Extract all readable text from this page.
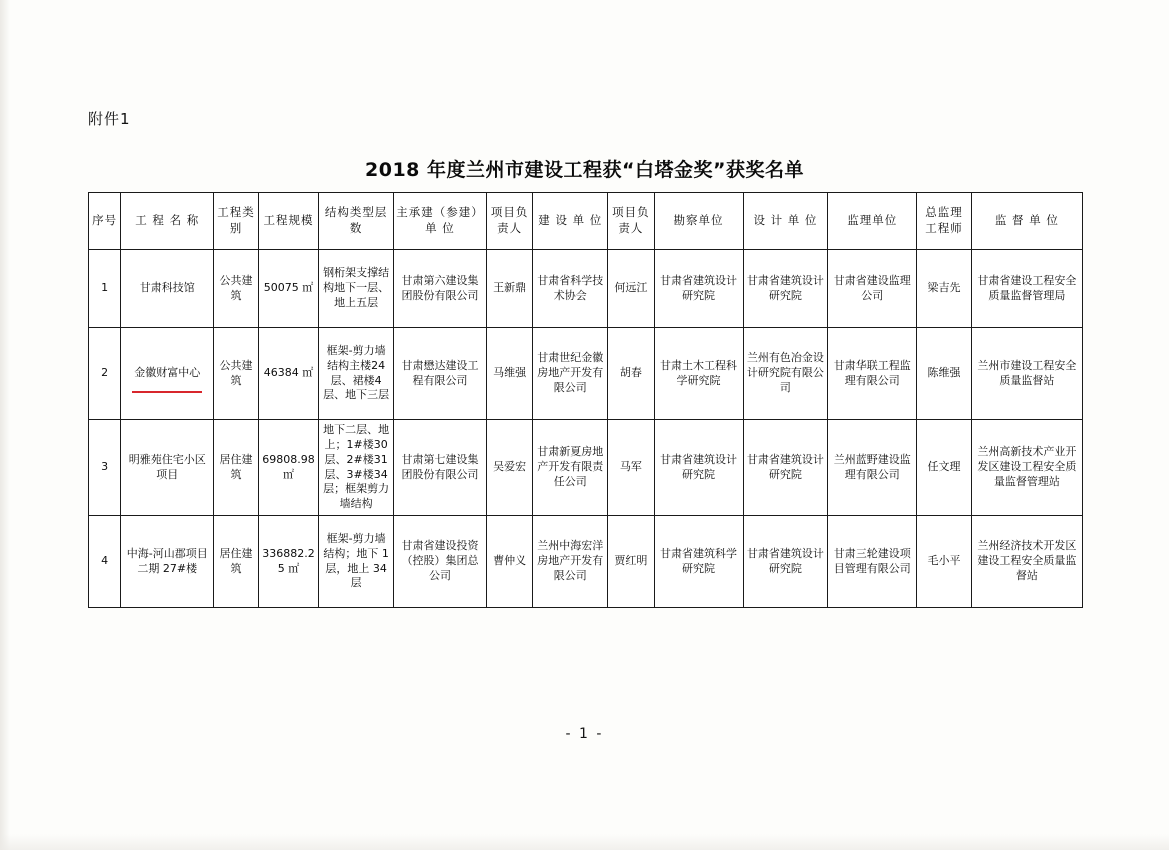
附件1
2018 年度兰州市建设工程获“白塔金奖”获奖名单
序号	工 程 名 称	工程类别	工程规模	结构类型层 数	主承建（参建）单 位	项目负责人	建 设 单 位	项目负责人	勘察单位	设 计 单 位	监理单位	总监理工程师	监 督 单 位
1	甘肃科技馆	公共建筑	50075 ㎡	钢桁架支撑结构地下一层、地上五层	甘肃第六建设集团股份有限公司	王新鼎	甘肃省科学技术协会	何远江	甘肃省建筑设计研究院	甘肃省建筑设计研究院	甘肃省建设监理公司	梁吉先	甘肃省建设工程安全质量监督管理局
2	金徽财富中心	公共建筑	46384 ㎡	框架-剪力墙结构主楼24 层、裙楼4 层、地下三层	甘肃懋达建设工程有限公司	马维强	甘肃世纪金徽房地产开发有限公司	胡春	甘肃土木工程科学研究院	兰州有色冶金设计研究院有限公司	甘肃华联工程监理有限公司	陈维强	兰州市建设工程安全质量监督站
3	明雅苑住宅小区项目	居住建筑	69808.98 ㎡	地下二层、地上；1#楼30 层、2#楼31 层、3#楼34 层；框架剪力墙结构	甘肃第七建设集团股份有限公司	吴爱宏	甘肃新夏房地产开发有限责任公司	马军	甘肃省建筑设计研究院	甘肃省建筑设计研究院	兰州蓝野建设监理有限公司	任文理	兰州高新技术产业开发区建设工程安全质量监督管理站
4	中海-河山郡项目二期 27#楼	居住建筑	336882.25 ㎡	框架-剪力墙结构；地下 1 层，地上 34 层	甘肃省建设投资（控股）集团总公司	曹仲义	兰州中海宏洋房地产开发有限公司	贾红明	甘肃省建筑科学研究院	甘肃省建筑设计研究院	甘肃三轮建设项目管理有限公司	毛小平	兰州经济技术开发区建设工程安全质量监督站
- 1 -
